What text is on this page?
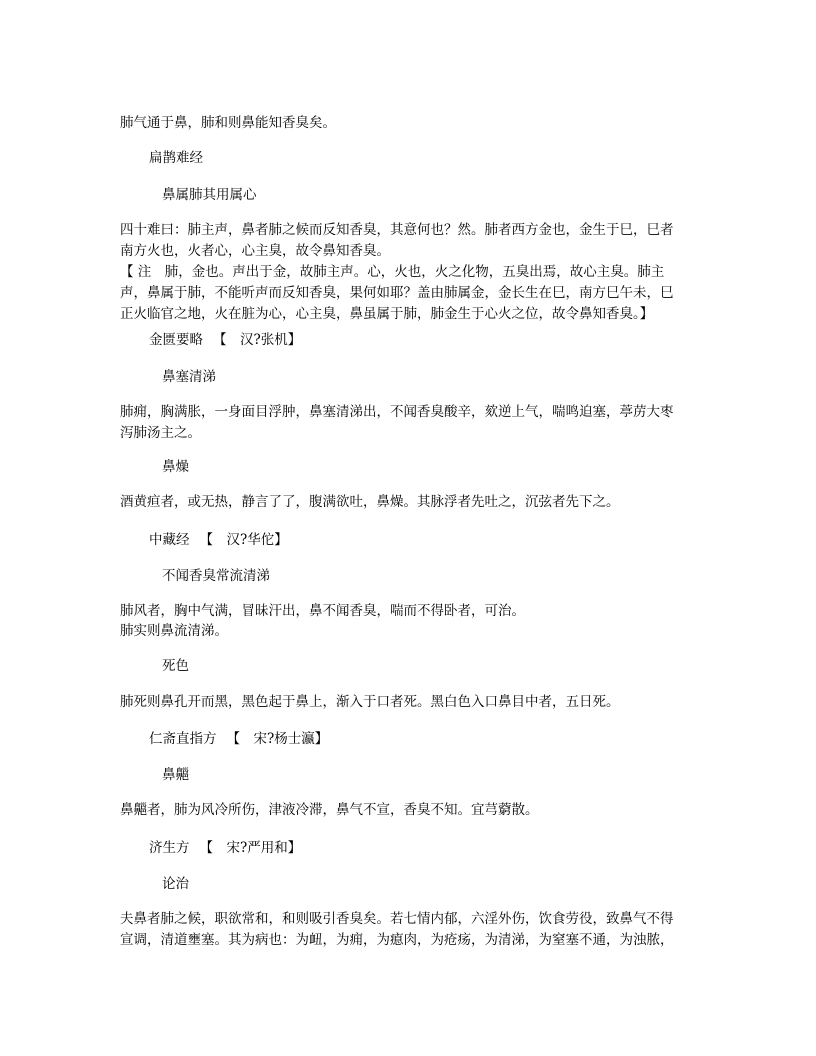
肺气通于鼻，肺和则鼻能知香臭矣。
扁鹊难经
鼻属肺其用属心
四十难曰：肺主声，鼻者肺之候而反知香臭，其意何也？然。肺者西方金也，金生于巳，巳者
南方火也，火者心，心主臭，故令鼻知香臭。
【 注　肺，金也。声出于金，故肺主声。心，火也，火之化物，五臭出焉，故心主臭。肺主
声，鼻属于肺，不能听声而反知香臭，果何如耶？盖由肺属金，金长生在巳，南方巳午未，巳
正火临官之地，火在脏为心，心主臭，鼻虽属于肺，肺金生于心火之位，故令鼻知香臭。】
金匮要略 【　汉?张机】
鼻塞清涕
肺痈，胸满胀，一身面目浮肿，鼻塞清涕出，不闻香臭酸辛，欬逆上气，喘鸣迫塞，葶苈大枣
泻肺汤主之。
鼻燥
酒黄疸者，或无热，静言了了，腹满欲吐，鼻燥。其脉浮者先吐之，沉弦者先下之。
中藏经 【　汉?华佗】
不闻香臭常流清涕
肺风者，胸中气满，冒昧汗出，鼻不闻香臭，喘而不得卧者，可治。
肺实则鼻流清涕。
死色
肺死则鼻孔开而黑，黑色起于鼻上，渐入于口者死。黑白色入口鼻目中者，五日死。
仁斋直指方 【　宋?杨士瀛】
鼻齆
鼻齆者，肺为风冷所伤，津液冷滞，鼻气不宣，香臭不知。宜芎藭散。
济生方 【　宋?严用和】
论治
夫鼻者肺之候，职欲常和，和则吸引香臭矣。若七情内郁，六淫外伤，饮食劳役，致鼻气不得
宣调，清道壅塞。其为病也：为衄，为痈，为瘜肉，为疮疡，为清涕，为窒塞不通，为浊脓，
